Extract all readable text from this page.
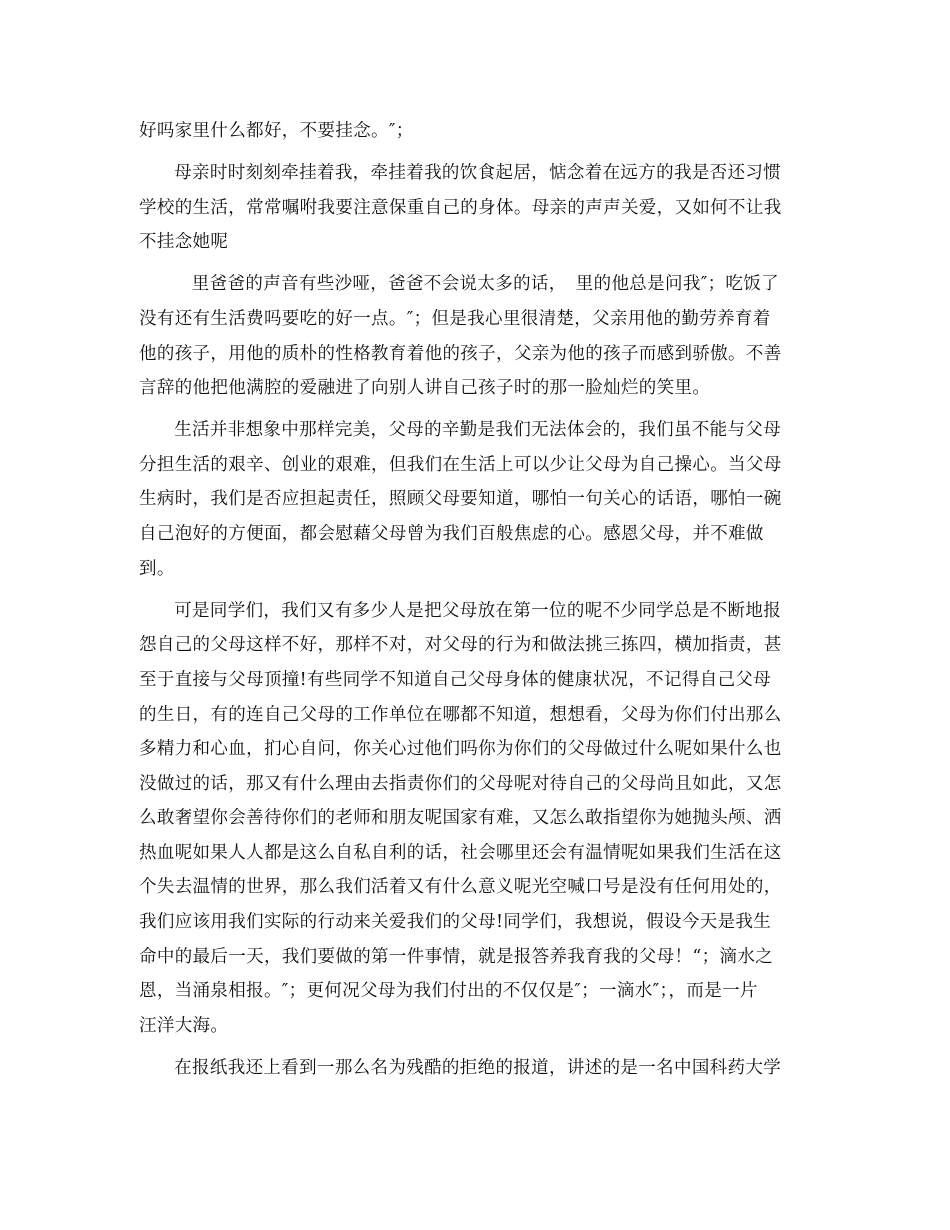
好吗家里什么都好，不要挂念。″；
母亲时时刻刻牵挂着我，牵挂着我的饮食起居，惦念着在远方的我是否还习惯
学校的生活，常常嘱咐我要注意保重自己的身体。母亲的声声关爱，又如何不让我
不挂念她呢
里爸爸的声音有些沙哑，爸爸不会说太多的话，　里的他总是问我″；吃饭了
没有还有生活费吗要吃的好一点。″；但是我心里很清楚，父亲用他的勤劳养育着
他的孩子，用他的质朴的性格教育着他的孩子，父亲为他的孩子而感到骄傲。不善
言辞的他把他满腔的爱融进了向别人讲自己孩子时的那一脸灿烂的笑里。
生活并非想象中那样完美，父母的辛勤是我们无法体会的，我们虽不能与父母
分担生活的艰辛、创业的艰难，但我们在生活上可以少让父母为自己操心。当父母
生病时，我们是否应担起责任，照顾父母要知道，哪怕一句关心的话语，哪怕一碗
自己泡好的方便面，都会慰藉父母曾为我们百般焦虑的心。感恩父母，并不难做
到。
可是同学们，我们又有多少人是把父母放在第一位的呢不少同学总是不断地报
怨自己的父母这样不好，那样不对，对父母的行为和做法挑三拣四，横加指责，甚
至于直接与父母顶撞!有些同学不知道自己父母身体的健康状况，不记得自己父母
的生日，有的连自己父母的工作单位在哪都不知道，想想看，父母为你们付出那么
多精力和心血，扪心自问，你关心过他们吗你为你们的父母做过什么呢如果什么也
没做过的话，那又有什么理由去指责你们的父母呢对待自己的父母尚且如此，又怎
么敢奢望你会善待你们的老师和朋友呢国家有难，又怎么敢指望你为她抛头颅、洒
热血呢如果人人都是这么自私自利的话，社会哪里还会有温情呢如果我们生活在这
个失去温情的世界，那么我们活着又有什么意义呢光空喊口号是没有任何用处的，
我们应该用我们实际的行动来关爱我们的父母!同学们，我想说，假设今天是我生
命中的最后一天，我们要做的第一件事情，就是报答养我育我的父母！“；滴水之
恩，当涌泉相报。″；更何况父母为我们付出的不仅仅是″；一滴水″；，而是一片
汪洋大海。
在报纸我还上看到一那么名为残酷的拒绝的报道，讲述的是一名中国科药大学
